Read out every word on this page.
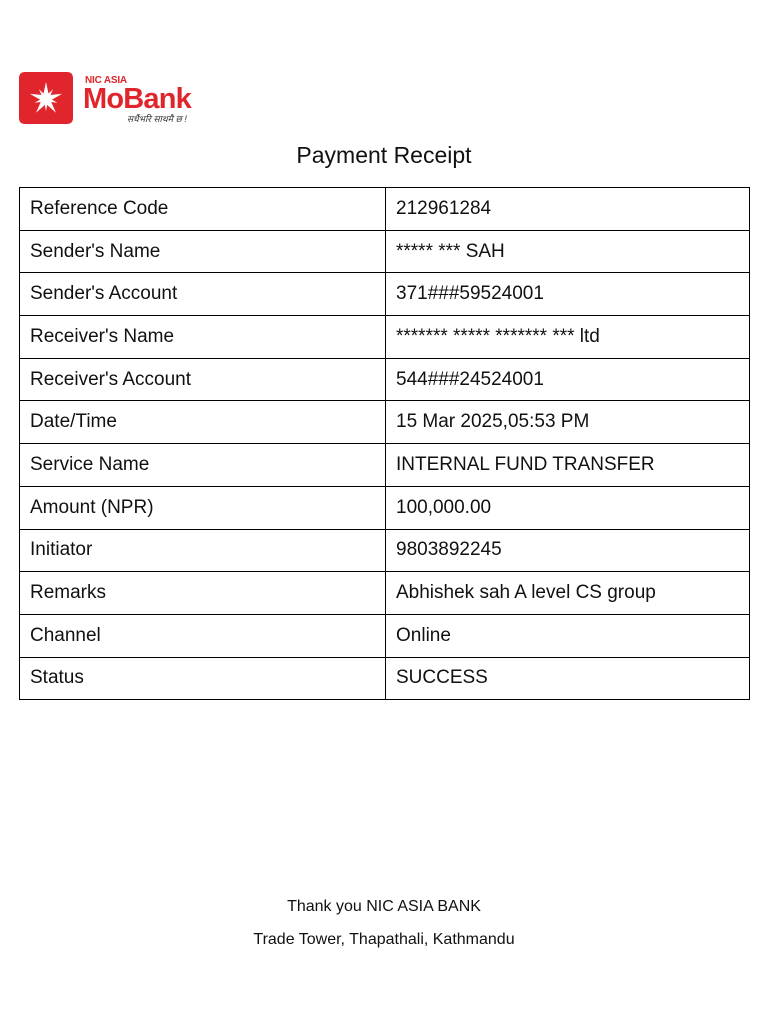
NIC ASIA
MoBank
सधैंभरि साथमै छ !
Payment Receipt
Reference Code	212961284
Sender's Name	***** *** SAH
Sender's Account	371###59524001
Receiver's Name	******* ***** ******* *** ltd
Receiver's Account	544###24524001
Date/Time	15 Mar 2025,05:53 PM
Service Name	INTERNAL FUND TRANSFER
Amount (NPR)	100,000.00
Initiator	9803892245
Remarks	Abhishek sah A level CS group
Channel	Online
Status	SUCCESS
Thank you NIC ASIA BANK
Trade Tower, Thapathali, Kathmandu
